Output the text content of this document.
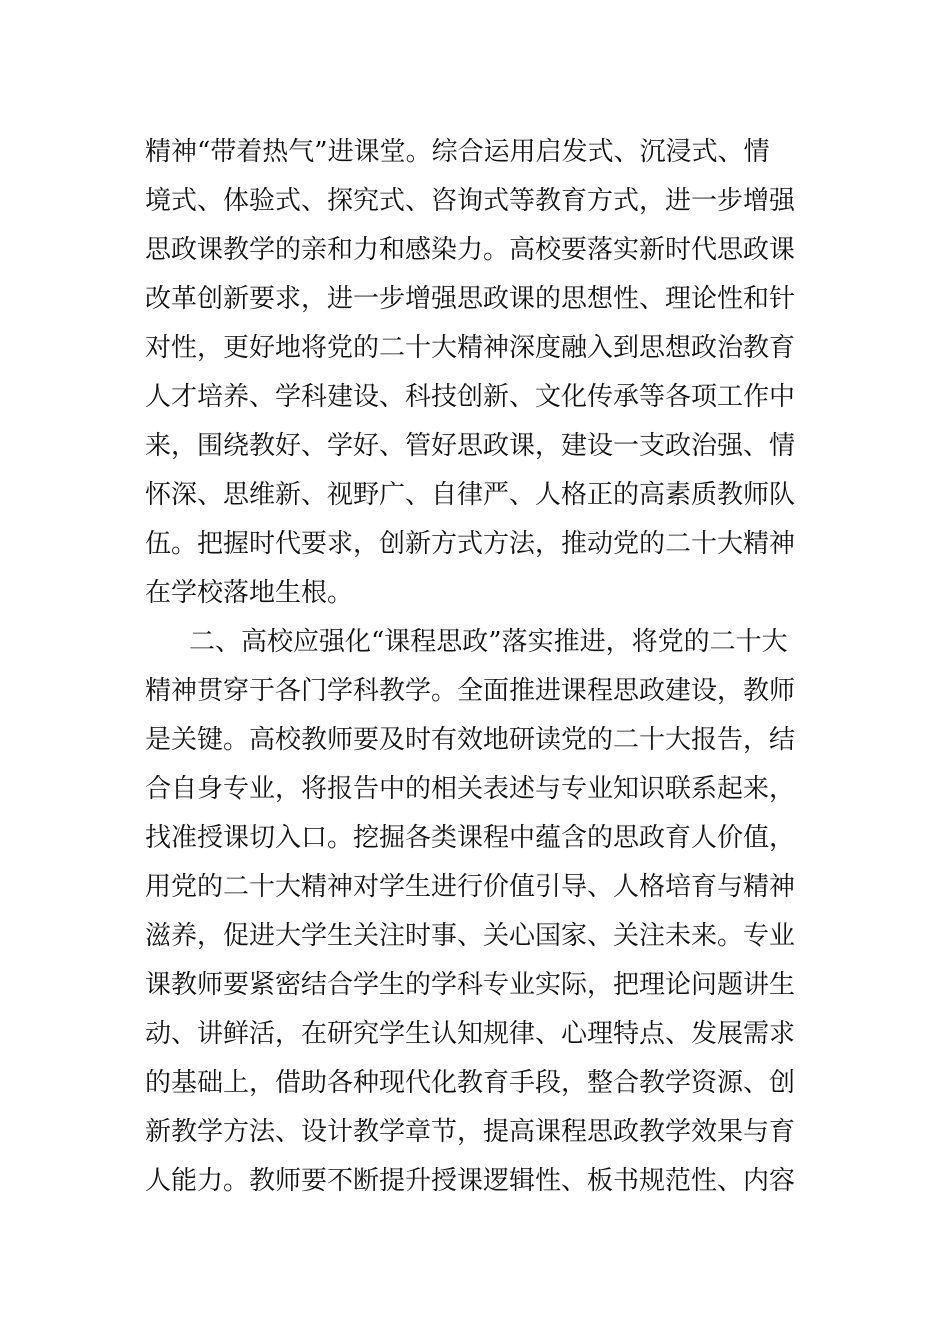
精神“带着热气”进课堂。综合运用启发式、沉浸式、情
境式、体验式、探究式、咨询式等教育方式，进一步增强
思政课教学的亲和力和感染力。高校要落实新时代思政课
改革创新要求，进一步增强思政课的思想性、理论性和针
对性，更好地将党的二十大精神深度融入到思想政治教育
人才培养、学科建设、科技创新、文化传承等各项工作中
来，围绕教好、学好、管好思政课，建设一支政治强、情
怀深、思维新、视野广、自律严、人格正的高素质教师队
伍。把握时代要求，创新方式方法，推动党的二十大精神
在学校落地生根。
二、高校应强化“课程思政”落实推进，将党的二十大
精神贯穿于各门学科教学。全面推进课程思政建设，教师
是关键。高校教师要及时有效地研读党的二十大报告，结
合自身专业，将报告中的相关表述与专业知识联系起来，
找准授课切入口。挖掘各类课程中蕴含的思政育人价值，
用党的二十大精神对学生进行价值引导、人格培育与精神
滋养，促进大学生关注时事、关心国家、关注未来。专业
课教师要紧密结合学生的学科专业实际，把理论问题讲生
动、讲鲜活，在研究学生认知规律、心理特点、发展需求
的基础上，借助各种现代化教育手段，整合教学资源、创
新教学方法、设计教学章节，提高课程思政教学效果与育
人能力。教师要不断提升授课逻辑性、板书规范性、内容
